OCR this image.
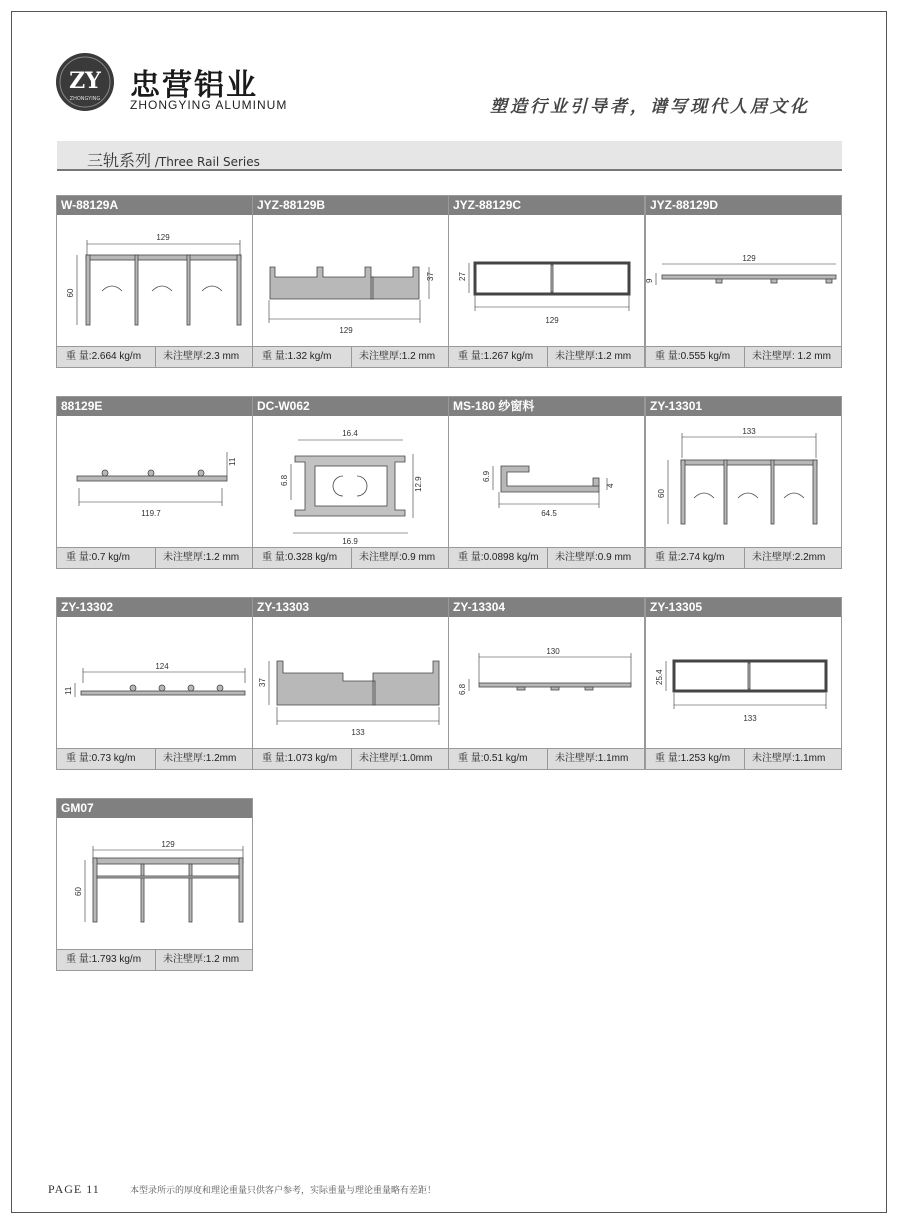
ZY
ZHONGYING 忠营铝业
ZHONGYING ALUMINUM	塑造行业引导者，谱写现代人居文化
三轨系列 /Three Rail Series
W-88129A
129
60
重 量:2.664 kg/m 未注壁厚:2.3 mm
JYZ-88129B
129
37
重 量:1.32 kg/m	未注壁厚:1.2 mm
JYZ-88129C
129
27
重 量:1.267 kg/m 未注壁厚:1.2 mm
JYZ-88129D
129
9
重 量:0.555 kg/m 未注壁厚: 1.2 mm
88129E
119.7
11
重 量:0.7 kg/m	未注壁厚:1.2 mm
DC-W062
16.4
16.9
6.8	12.9
重 量:0.328 kg/m 未注壁厚:0.9 mm
MS-180 纱窗料
64.5
6.9
4
重 量:0.0898 kg/m 未注壁厚:0.9 mm
ZY-13301
133
60
重 量:2.74 kg/m	未注壁厚:2.2mm
ZY-13302
124
11
重 量:0.73 kg/m	未注壁厚:1.2mm
ZY-13303
133
37
重 量:1.073 kg/m 未注壁厚:1.0mm
ZY-13304
130
6.8
重 量:0.51 kg/m	未注壁厚:1.1mm
ZY-13305
133
25.4
重 量:1.253 kg/m 未注壁厚:1.1mm
GM07
129
60
重 量:1.793 kg/m 未注壁厚:1.2 mm
PAGE 11	本型录所示的厚度和理论重量只供客户参考，实际重量与理论重量略有差距！
